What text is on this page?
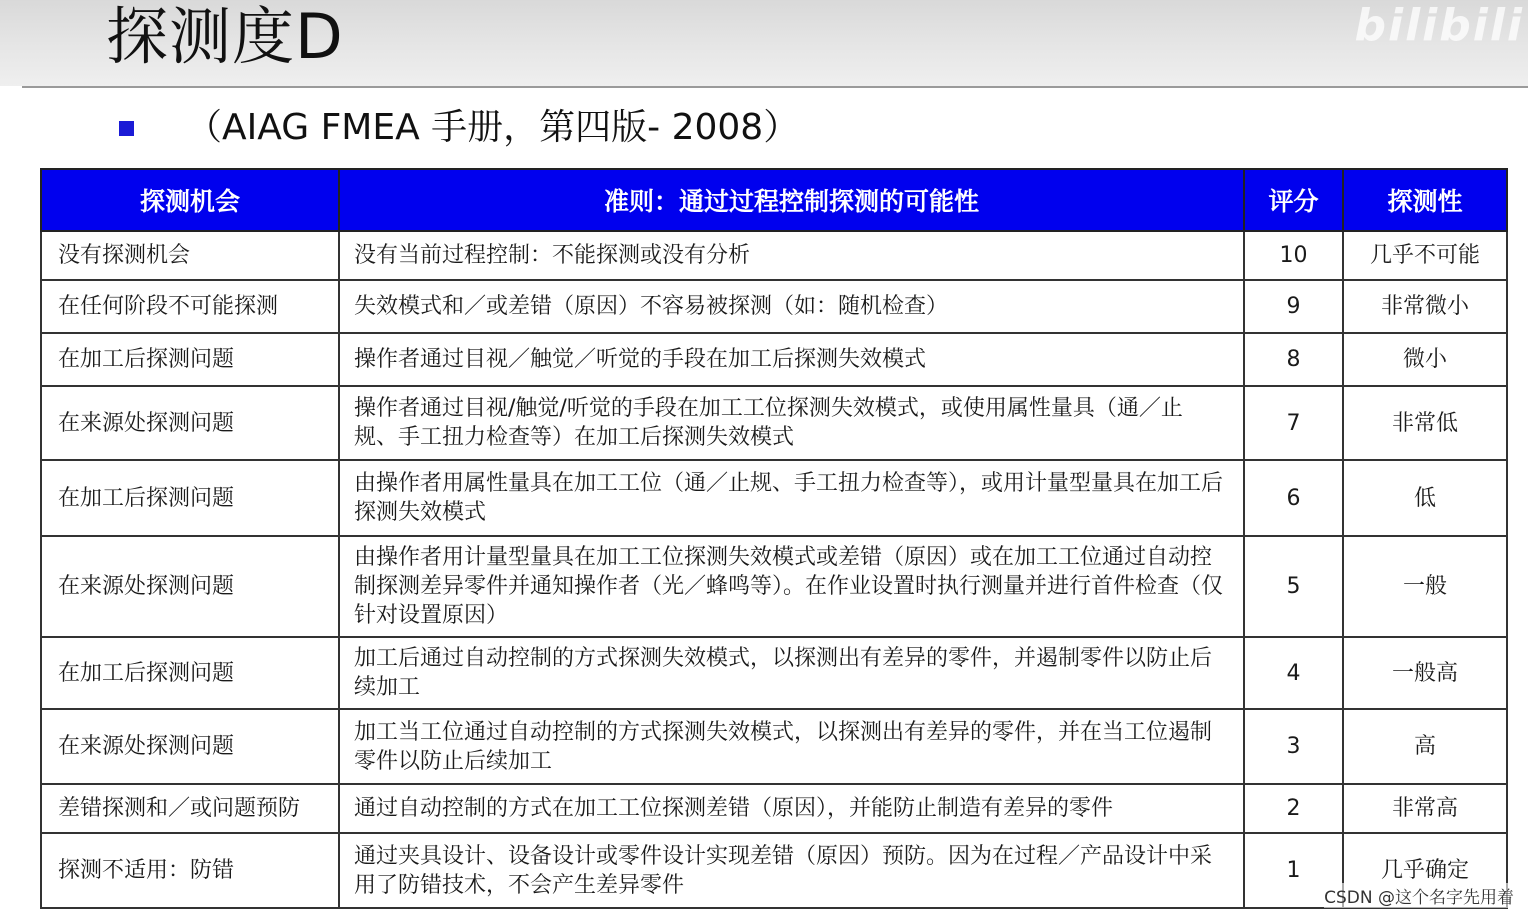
探测度D	bilibili
（AIAG FMEA 手册，第四版- 2008）
探测机会	准则：通过过程控制探测的可能性	评分	探测性
没有探测机会	没有当前过程控制：不能探测或没有分析	10	几乎不可能
在任何阶段不可能探测	失效模式和／或差错（原因）不容易被探测（如：随机检查）	9	非常微小
在加工后探测问题	操作者通过目视／触觉／听觉的手段在加工后探测失效模式	8	微小
在来源处探测问题	操作者通过目视/触觉/听觉的手段在加工工位探测失效模式，或使用属性量具（通／止规、手工扭力检查等）在加工后探测失效模式	7	非常低
在加工后探测问题	由操作者用属性量具在加工工位（通／止规、手工扭力检查等），或用计量型量具在加工后探测失效模式	6	低
在来源处探测问题	由操作者用计量型量具在加工工位探测失效模式或差错（原因）或在加工工位通过自动控制探测差异零件并通知操作者（光／蜂鸣等）。在作业设置时执行测量并进行首件检查（仅针对设置原因）	5	一般
在加工后探测问题	加工后通过自动控制的方式探测失效模式，以探测出有差异的零件，并遏制零件以防止后续加工	4	一般高
在来源处探测问题	加工当工位通过自动控制的方式探测失效模式，以探测出有差异的零件，并在当工位遏制零件以防止后续加工	3	高
差错探测和／或问题预防	通过自动控制的方式在加工工位探测差错（原因），并能防止制造有差异的零件	2	非常高
探测不适用：防错	通过夹具设计、设备设计或零件设计实现差错（原因）预防。因为在过程／产品设计中采用了防错技术，不会产生差异零件	1	几乎确定
CSDN @这个名字先用着
